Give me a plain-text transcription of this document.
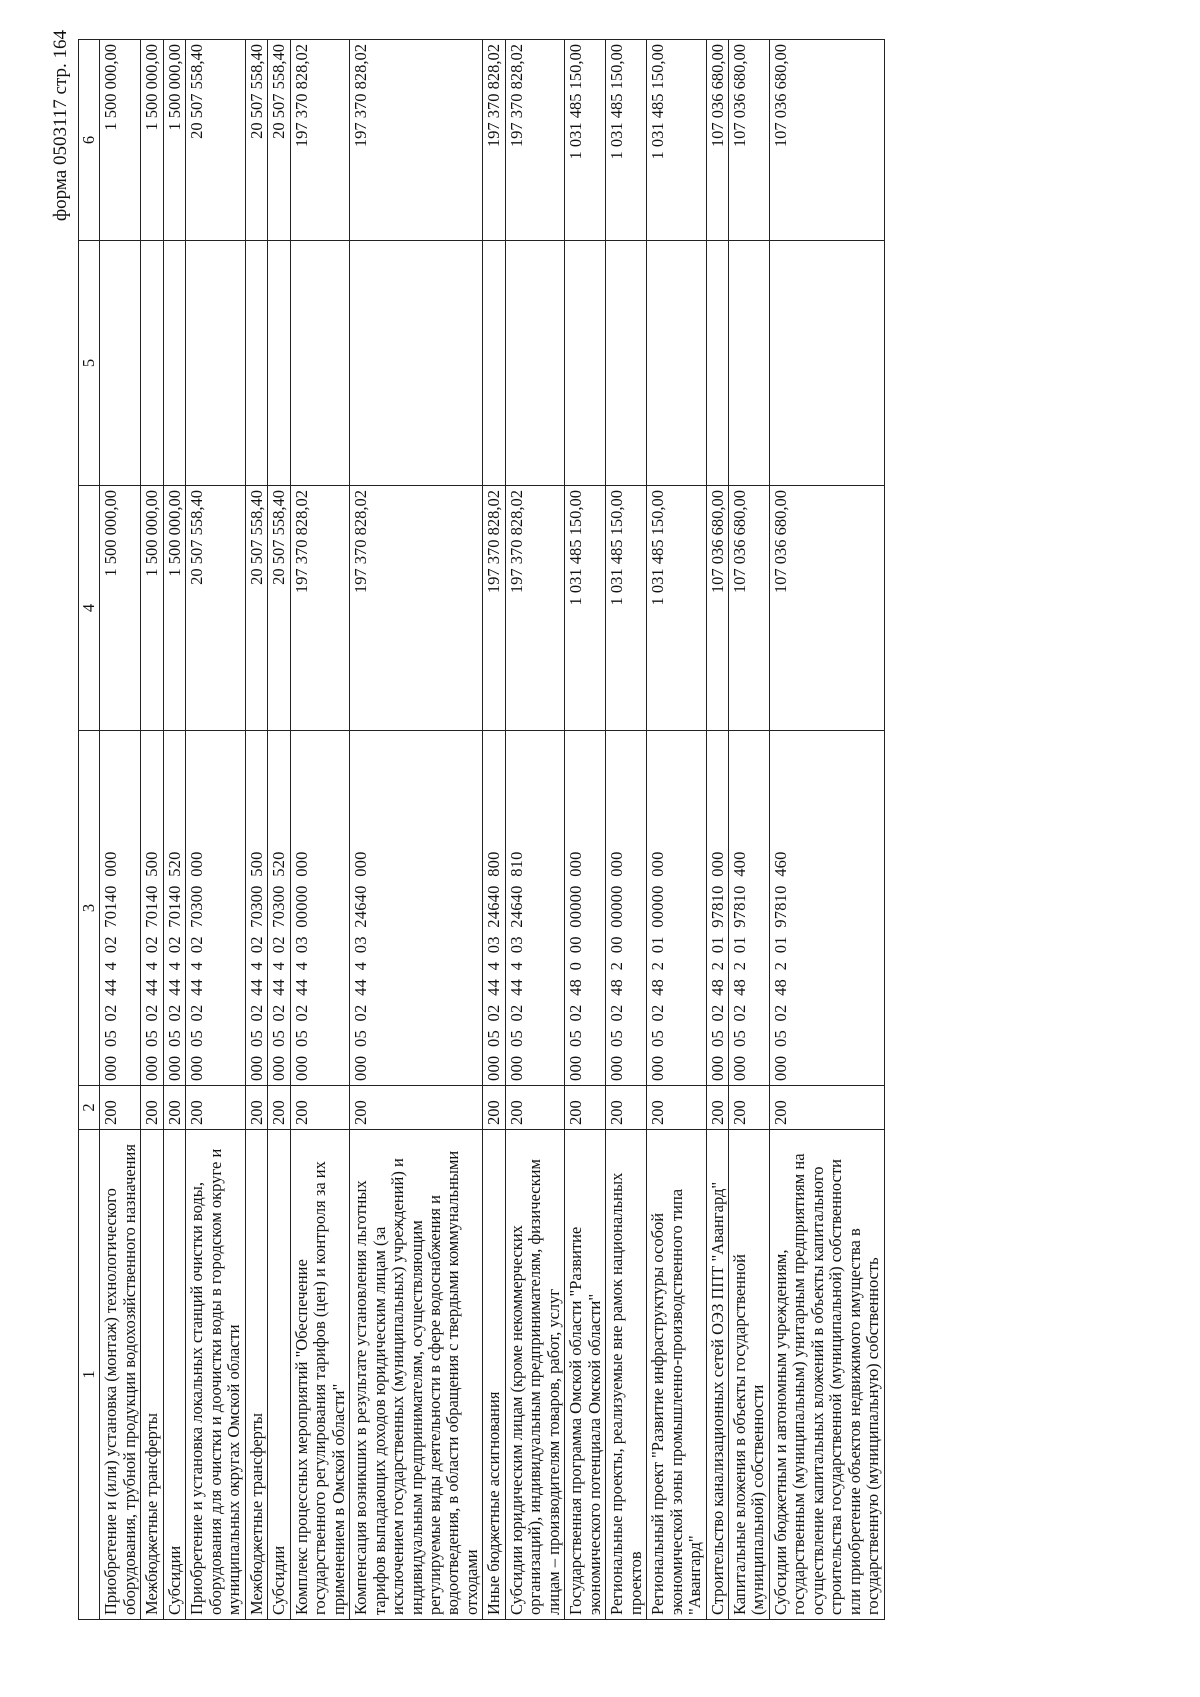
форма 0503117 стр. 164
1	2	3	4	5	6
Приобретение и (или) установка (монтаж) технологического оборудования, трубной продукции водохозяйственного назначения	200	000  05  02  44  4  02  70140  000	1 500 000,00		1 500 000,00
Межбюджетные трансферты	200	000  05  02  44  4  02  70140  500	1 500 000,00		1 500 000,00
Субсидии	200	000  05  02  44  4  02  70140  520	1 500 000,00		1 500 000,00
Приобретение и установка локальных станций очистки воды, оборудования для очистки и доочистки воды в городском округе и муниципальных округах Омской области	200	000  05  02  44  4  02  70300  000	20 507 558,40		20 507 558,40
Межбюджетные трансферты	200	000  05  02  44  4  02  70300  500	20 507 558,40		20 507 558,40
Субсидии	200	000  05  02  44  4  02  70300  520	20 507 558,40		20 507 558,40
Комплекс процессных мероприятий "Обеспечение государственного регулирования тарифов (цен) и контроля за их применением в Омской области"	200	000  05  02  44  4  03  00000  000	197 370 828,02		197 370 828,02
Компенсация возникших в результате установления льготных тарифов выпадающих доходов юридическим лицам (за исключением государственных (муниципальных) учреждений) и индивидуальным предпринимателям, осуществляющим регулируемые виды деятельности в сфере водоснабжения и водоотведения, в области обращения с твердыми коммунальными отходами	200	000  05  02  44  4  03  24640  000	197 370 828,02		197 370 828,02
Иные бюджетные ассигнования	200	000  05  02  44  4  03  24640  800	197 370 828,02		197 370 828,02
Субсидии юридическим лицам (кроме некоммерческих организаций), индивидуальным предпринимателям, физическим лицам – производителям товаров, работ, услуг	200	000  05  02  44  4  03  24640  810	197 370 828,02		197 370 828,02
Государственная программа Омской области "Развитие экономического потенциала Омской области"	200	000  05  02  48  0  00  00000  000	1 031 485 150,00		1 031 485 150,00
Региональные проекты, реализуемые вне рамок национальных проектов	200	000  05  02  48  2  00  00000  000	1 031 485 150,00		1 031 485 150,00
Региональный проект "Развитие инфраструктуры особой экономической зоны промышленно-производственного типа "Авангард"	200	000  05  02  48  2  01  00000  000	1 031 485 150,00		1 031 485 150,00
Строительство канализационных сетей ОЭЗ ППТ "Авангард"	200	000  05  02  48  2  01  97810  000	107 036 680,00		107 036 680,00
Капитальные вложения в объекты государственной (муниципальной) собственности	200	000  05  02  48  2  01  97810  400	107 036 680,00		107 036 680,00
Субсидии бюджетным и автономным учреждениям, государственным (муниципальным) унитарным предприятиям на осуществление капитальных вложений в объекты капитального строительства государственной (муниципальной) собственности или приобретение объектов недвижимого имущества в государственную (муниципальную) собственность	200	000  05  02  48  2  01  97810  460	107 036 680,00		107 036 680,00
